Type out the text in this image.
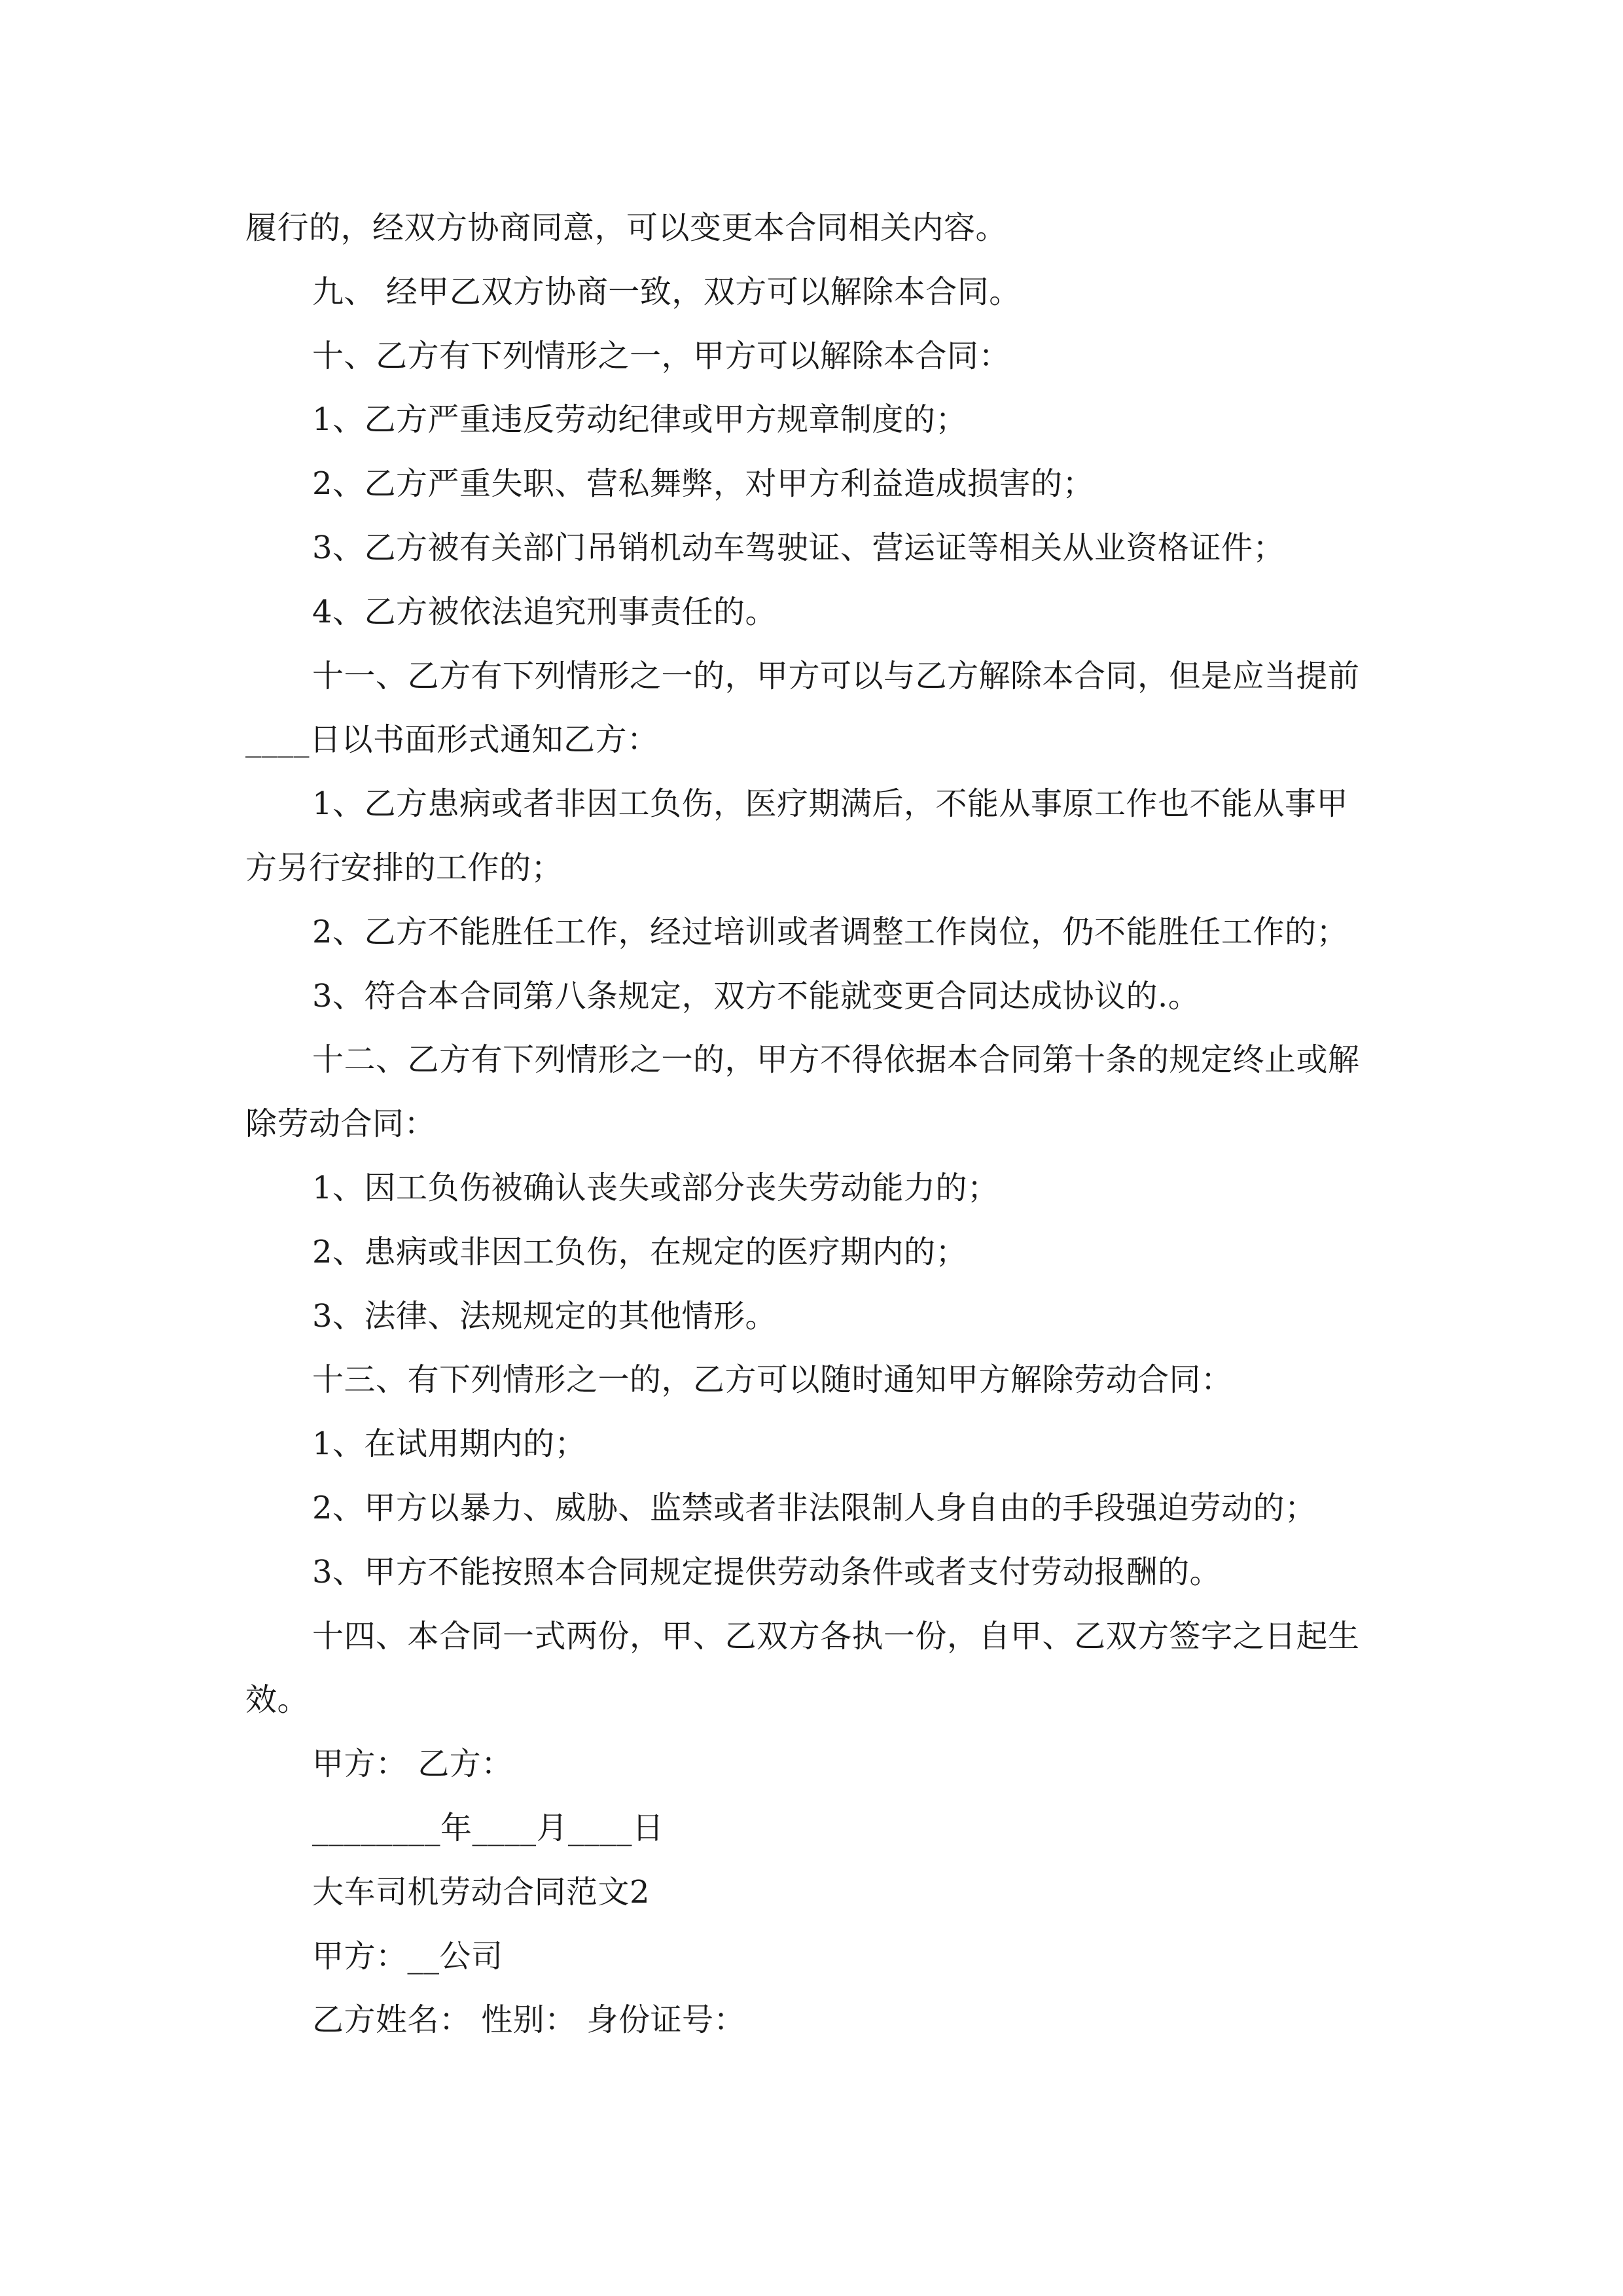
履行的，经双方协商同意，可以变更本合同相关内容。
九、 经甲乙双方协商一致，双方可以解除本合同。
十、乙方有下列情形之一，甲方可以解除本合同：
1、乙方严重违反劳动纪律或甲方规章制度的；
2、乙方严重失职、营私舞弊，对甲方利益造成损害的；
3、乙方被有关部门吊销机动车驾驶证、营运证等相关从业资格证件；
4、乙方被依法追究刑事责任的。
十一、乙方有下列情形之一的，甲方可以与乙方解除本合同，但是应当提前
____日以书面形式通知乙方：
1、乙方患病或者非因工负伤，医疗期满后，不能从事原工作也不能从事甲
方另行安排的工作的；
2、乙方不能胜任工作，经过培训或者调整工作岗位，仍不能胜任工作的；
3、符合本合同第八条规定，双方不能就变更合同达成协议的.。
十二、乙方有下列情形之一的，甲方不得依据本合同第十条的规定终止或解
除劳动合同：
1、因工负伤被确认丧失或部分丧失劳动能力的；
2、患病或非因工负伤，在规定的医疗期内的；
3、法律、法规规定的其他情形。
十三、有下列情形之一的，乙方可以随时通知甲方解除劳动合同：
1、在试用期内的；
2、甲方以暴力、威胁、监禁或者非法限制人身自由的手段强迫劳动的；
3、甲方不能按照本合同规定提供劳动条件或者支付劳动报酬的。
十四、本合同一式两份，甲、乙双方各执一份，自甲、乙双方签字之日起生
效。
甲方： 乙方：
________年____月____日
大车司机劳动合同范文2
甲方：__公司
乙方姓名： 性别： 身份证号：
